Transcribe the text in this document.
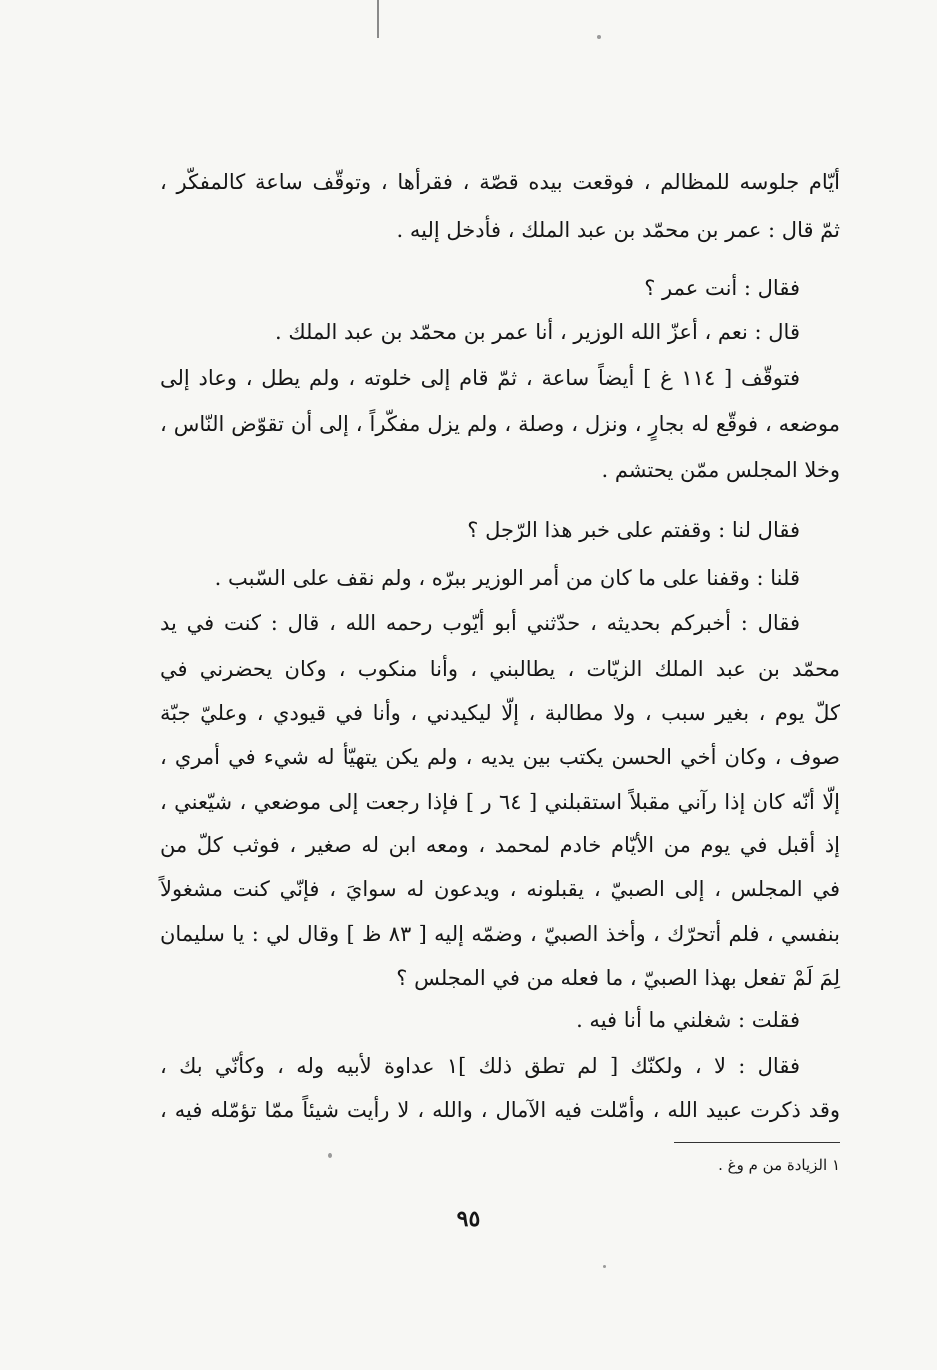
أيّام جلوسه للمظالم ، فوقعت بيده قصّة ، فقرأها ، وتوقّف ساعة كالمفكّر ،
ثمّ قال : عمر بن محمّد بن عبد الملك ، فأدخل إليه .
فقال : أنت عمر ؟
قال : نعم ، أعزّ الله الوزير ، أنا عمر بن محمّد بن عبد الملك .
فتوقّف [ ١١٤ غ ] أيضاً ساعة ، ثمّ قام إلى خلوته ، ولم يطل ، وعاد إلى
موضعه ، فوقّع له بجارٍ ، ونزل ، وصلة ، ولم يزل مفكّراً ، إلى أن تقوّض النّاس ،
وخلا المجلس ممّن يحتشم .
فقال لنا : وقفتم على خبر هذا الرّجل ؟
قلنا : وقفنا على ما كان من أمر الوزير ببرّه ، ولم نقف على السّبب .
فقال : أخبركم بحديثه ، حدّثني أبو أيّوب رحمه الله ، قال : كنت في يد
محمّد بن عبد الملك الزيّات ، يطالبني ، وأنا منكوب ، وكان يحضرني في
كلّ يوم ، بغير سبب ، ولا مطالبة ، إلّا ليكيدني ، وأنا في قيودي ، وعليّ جبّة
صوف ، وكان أخي الحسن يكتب بين يديه ، ولم يكن يتهيّأ له شيء في أمري ،
إلّا أنّه كان إذا رآني مقبلاً استقبلني [ ٦٤ ر ] فإذا رجعت إلى موضعي ، شيّعني ،
إذ أقبل في يوم من الأيّام خادم لمحمد ، ومعه ابن له صغير ، فوثب كلّ من
في المجلس ، إلى الصبيّ ، يقبلونه ، ويدعون له سوايَ ، فإنّي كنت مشغولاً
بنفسي ، فلم أتحرّك ، وأخذ الصبيّ ، وضمّه إليه [ ٨٣ ظ ] وقال لي : يا سليمان
لِمَ لَمْ تفعل بهذا الصبيّ ، ما فعله من في المجلس ؟
فقلت : شغلني ما أنا فيه .
فقال : لا ، ولكنّك [ لم تطق ذلك ]١ عداوة لأبيه وله ، وكأنّي بك ،
وقد ذكرت عبيد الله ، وأمّلت فيه الآمال ، والله ، لا رأيت شيئاً ممّا تؤمّله فيه ،
١ الزيادة من م وغ .
٩٥
